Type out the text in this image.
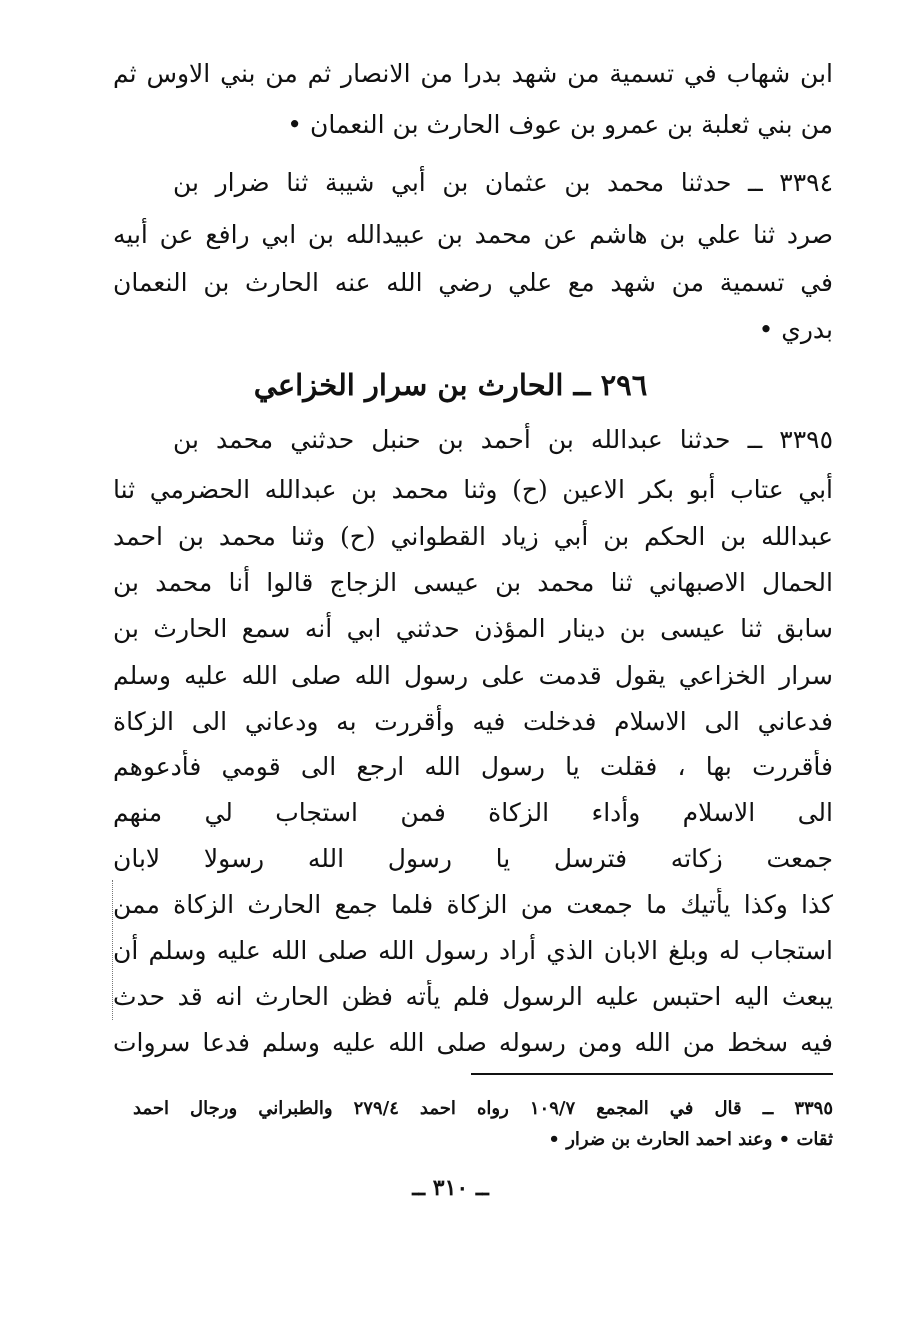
ابن شهاب في تسمية من شهد بدرا من الانصار ثم من بني الاوس ثم
من بني ثعلبة بن عمرو بن عوف الحارث بن النعمان •
٣٣٩٤ ــ حدثنا محمد بن عثمان بن أبي شيبة ثنا ضرار بن
صرد ثنا علي بن هاشم عن محمد بن عبيدالله بن ابي رافع عن أبيه
في تسمية من شهد مع علي رضي الله عنه الحارث بن النعمان
بدري •
٢٩٦ ــ الحارث بن سرار الخزاعي
٣٣٩٥ ــ حدثنا عبدالله بن أحمد بن حنبل حدثني محمد بن
أبي عتاب أبو بكر الاعين (ح) وثنا محمد بن عبدالله الحضرمي ثنا
عبدالله بن الحكم بن أبي زياد القطواني (ح) وثنا محمد بن احمد
الحمال الاصبهاني ثنا محمد بن عيسى الزجاج قالوا أنا محمد بن
سابق ثنا عيسى بن دينار المؤذن حدثني ابي أنه سمع الحارث بن
سرار الخزاعي يقول قدمت على رسول الله صلى الله عليه وسلم
فدعاني الى الاسلام فدخلت فيه وأقررت به ودعاني الى الزكاة
فأقررت بها ، فقلت يا رسول الله ارجع الى قومي فأدعوهم
الى الاسلام وأداء الزكاة فمن استجاب لي منهم
جمعت زكاته فترسل يا رسول الله رسولا لابان
كذا وكذا يأتيك ما جمعت من الزكاة فلما جمع الحارث الزكاة ممن
استجاب له وبلغ الابان الذي أراد رسول الله صلى الله عليه وسلم أن
يبعث اليه احتبس عليه الرسول فلم يأته فظن الحارث انه قد حدث
فيه سخط من الله ومن رسوله صلى الله عليه وسلم فدعا سروات
٣٣٩٥ ــ قال في المجمع ١٠٩/٧ رواه احمد ٢٧٩/٤ والطبراني ورجال احمد
ثقات • وعند احمد الحارث بن ضرار •
ــ ٣١٠ ــ
